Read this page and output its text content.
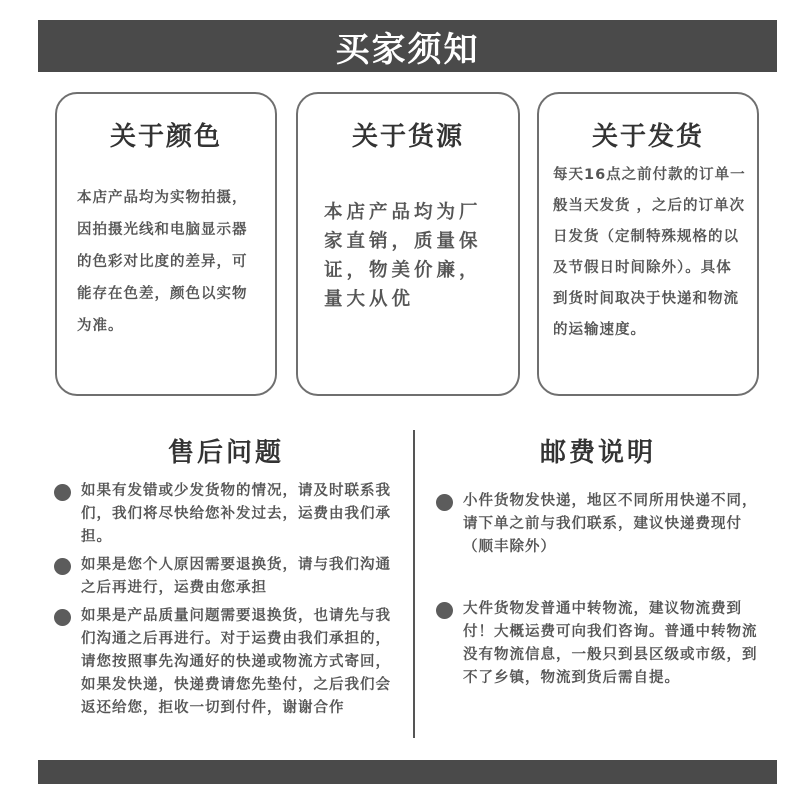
买家须知
关于颜色
本店产品均为实物拍摄，因拍摄光线和电脑显示器的色彩对比度的差异，可能存在色差，颜色以实物为准。
关于货源
本店产品均为厂家直销，质量保证，物美价廉，量大从优
关于发货
每天16点之前付款的订单一般当天发货 ，之后的订单次日发货（定制特殊规格的以及节假日时间除外）。具体到货时间取决于快递和物流的运输速度。
售后问题	邮费说明
如果有发错或少发货物的情况，请及时联系我们，我们将尽快给您补发过去，运费由我们承担。
如果是您个人原因需要退换货，请与我们沟通之后再进行，运费由您承担
如果是产品质量问题需要退换货，也请先与我们沟通之后再进行。对于运费由我们承担的，请您按照事先沟通好的快递或物流方式寄回，如果发快递，快递费请您先垫付，之后我们会返还给您，拒收一切到付件，谢谢合作
小件货物发快递，地区不同所用快递不同，请下单之前与我们联系，建议快递费现付（顺丰除外）
大件货物发普通中转物流，建议物流费到付！大概运费可向我们咨询。普通中转物流没有物流信息，一般只到县区级或市级，到不了乡镇，物流到货后需自提。
